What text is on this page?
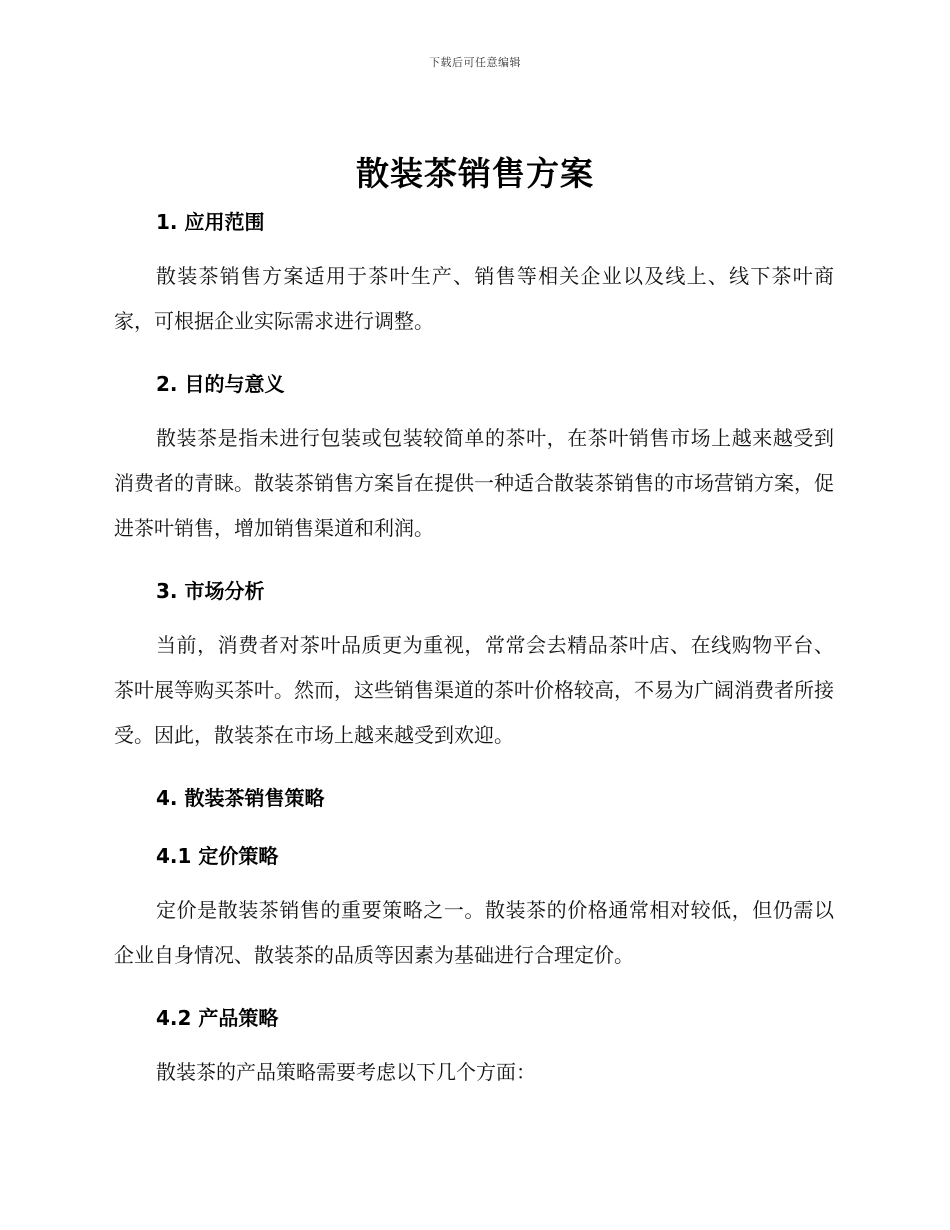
下载后可任意编辑
散装茶销售方案

1. 应用范围

散装茶销售方案适用于茶叶生产、销售等相关企业以及线上、线下茶叶商家，可根据企业实际需求进行调整。

2. 目的与意义

散装茶是指未进行包装或包装较简单的茶叶，在茶叶销售市场上越来越受到消费者的青睐。散装茶销售方案旨在提供一种适合散装茶销售的市场营销方案，促进茶叶销售，增加销售渠道和利润。

3. 市场分析

当前，消费者对茶叶品质更为重视，常常会去精品茶叶店、在线购物平台、茶叶展等购买茶叶。然而，这些销售渠道的茶叶价格较高，不易为广阔消费者所接受。因此，散装茶在市场上越来越受到欢迎。

4. 散装茶销售策略

4.1 定价策略

定价是散装茶销售的重要策略之一。散装茶的价格通常相对较低，但仍需以企业自身情况、散装茶的品质等因素为基础进行合理定价。

4.2 产品策略

散装茶的产品策略需要考虑以下几个方面：
